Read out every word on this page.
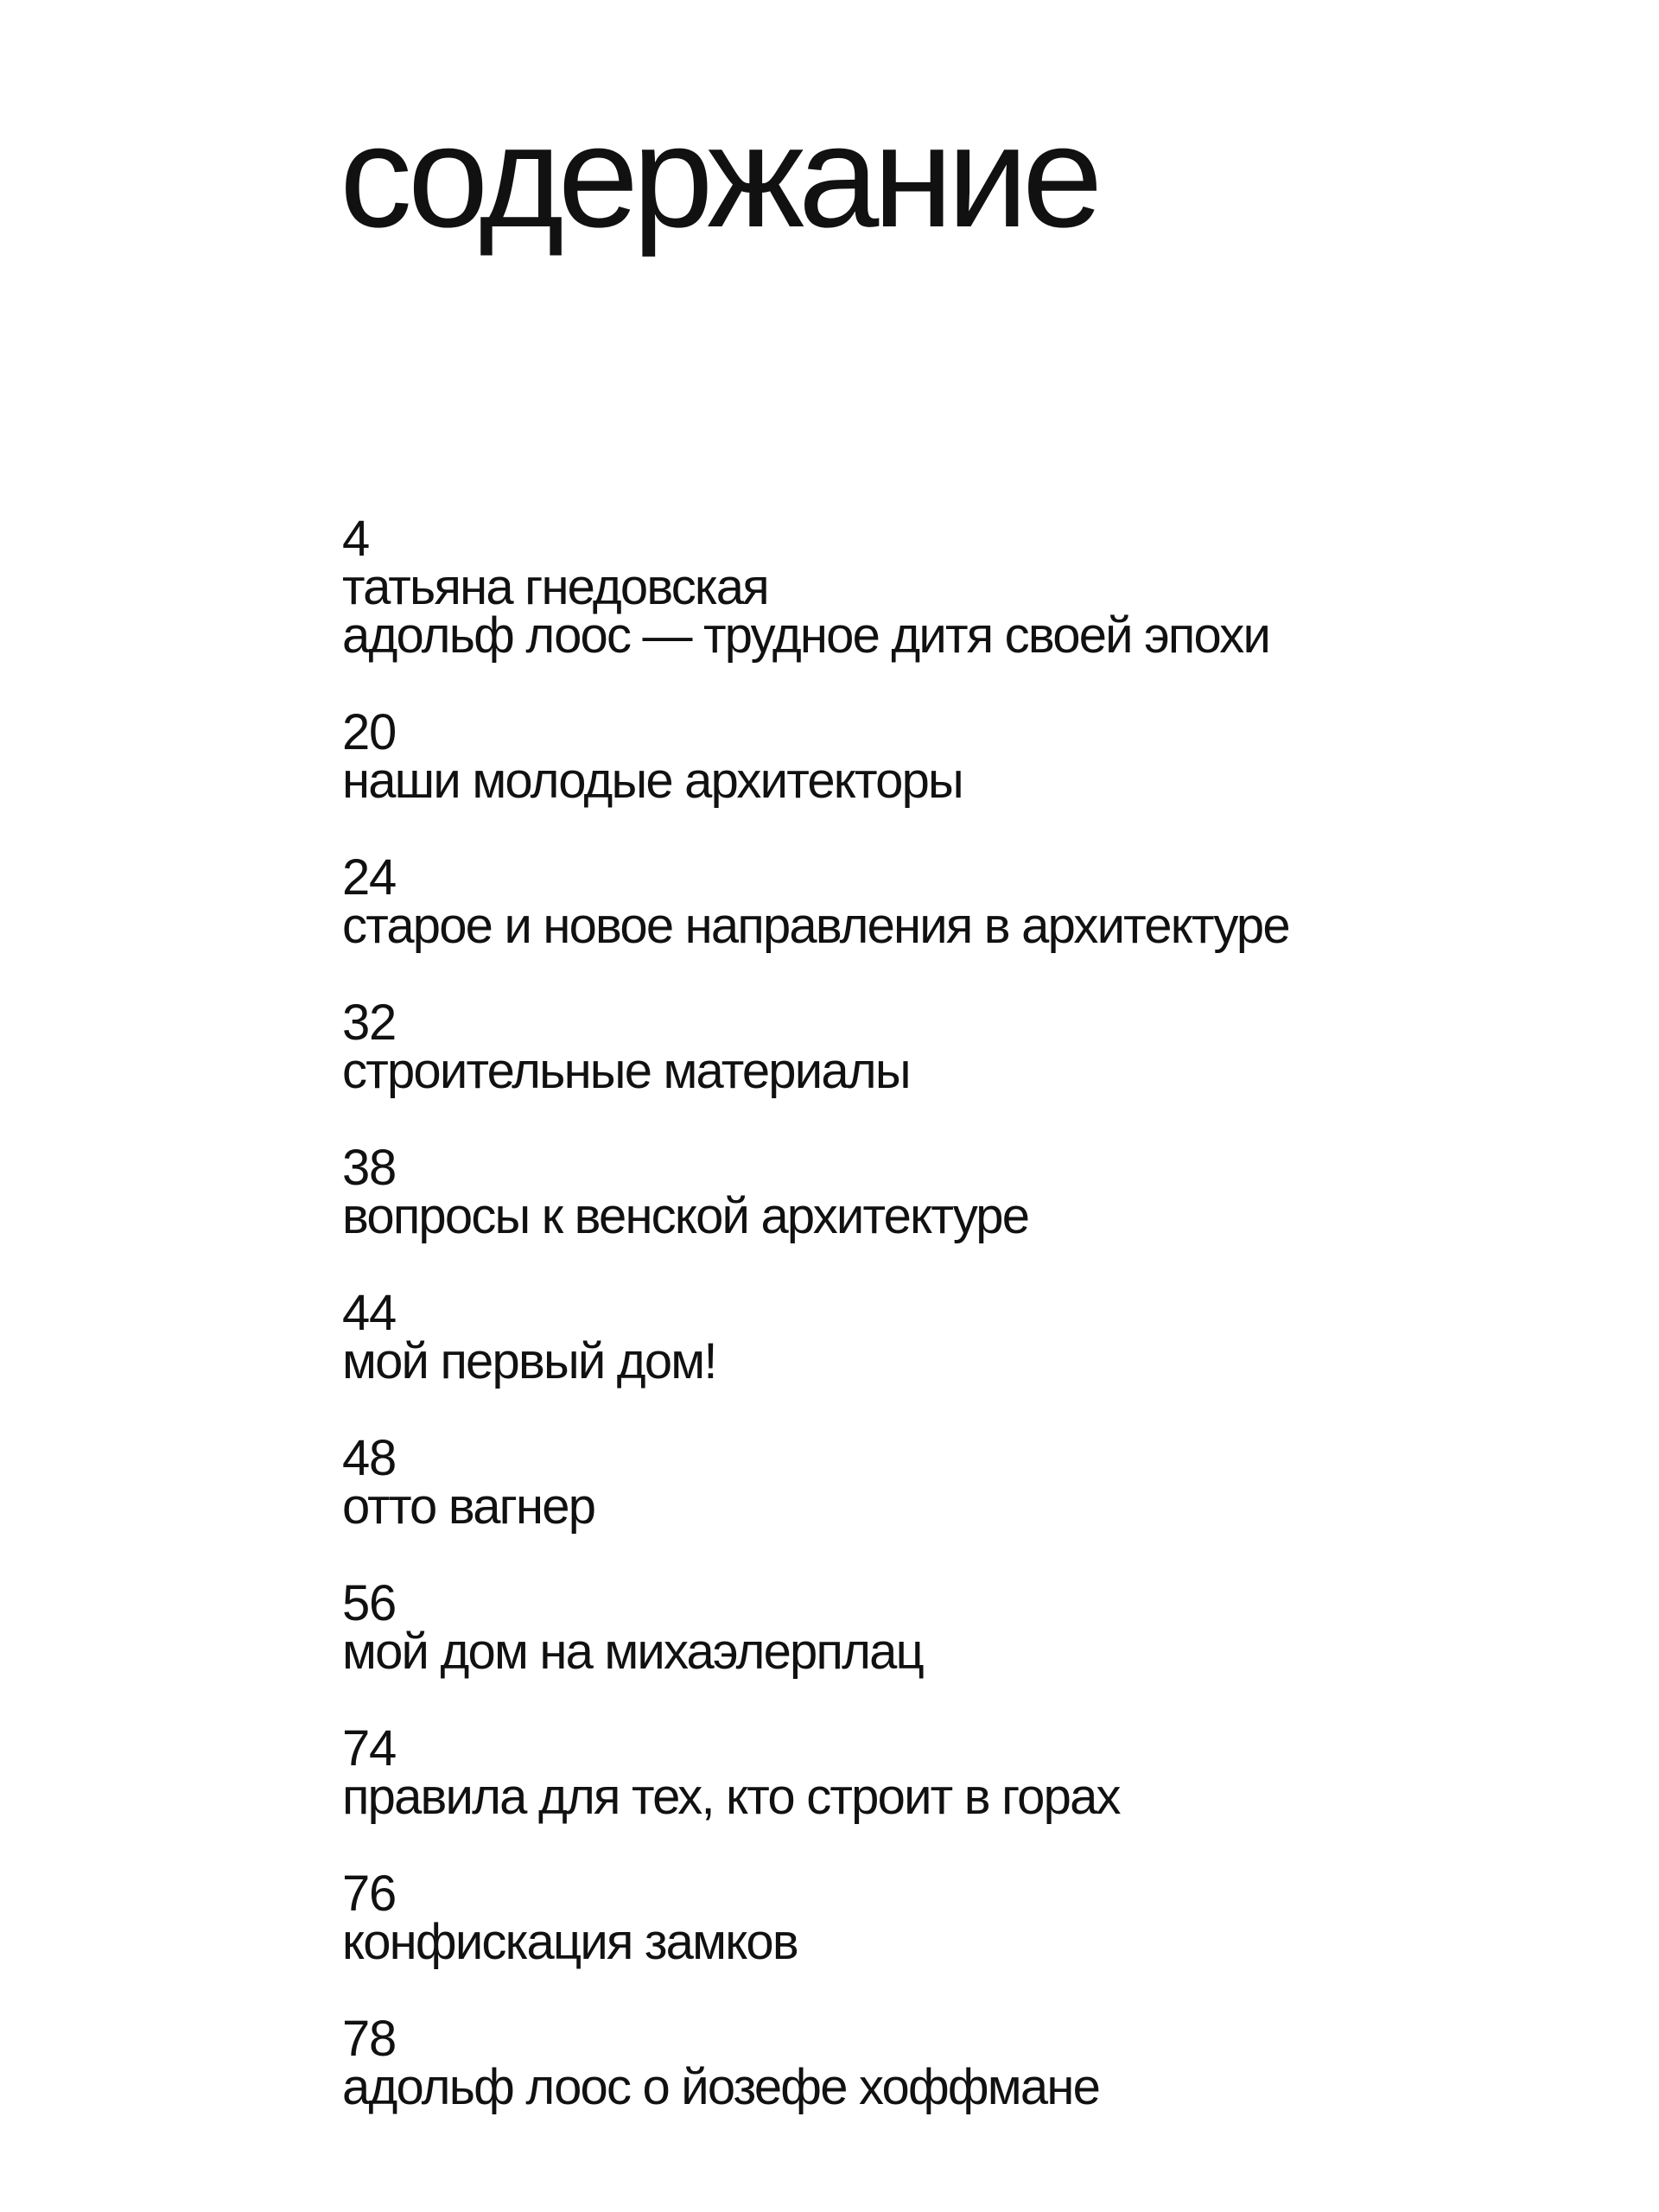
содержание
4
татьяна гнедовская
адольф лоос — трудное дитя своей эпохи
20
наши молодые архитекторы
24
старое и новое направления в архитектуре
32
строительные материалы
38
вопросы к венской архитектуре
44
мой первый дом!
48
отто вагнер
56
мой дом на михаэлерплац
74
правила для тех, кто строит в горах
76
конфискация замков
78
адольф лоос о йозефе хоффмане
